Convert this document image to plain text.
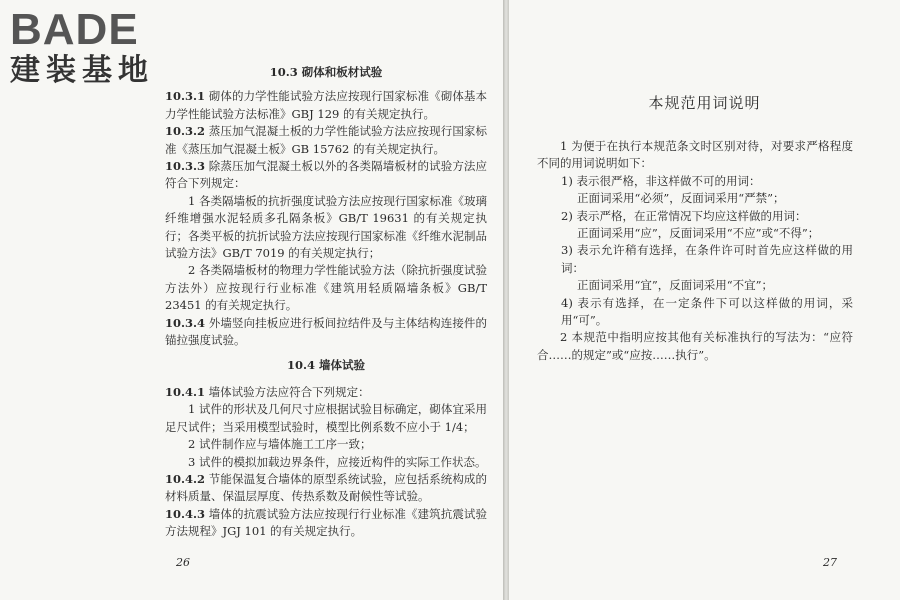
BADE
建装基地	10.3 砌体和板材试验

10.3.1 砌体的力学性能试验方法应按现行国家标准《砌体基本力学性能试验方法标准》GBJ 129 的有关规定执行。

10.3.2 蒸压加气混凝土板的力学性能试验方法应按现行国家标准《蒸压加气混凝土板》GB 15762 的有关规定执行。

10.3.3 除蒸压加气混凝土板以外的各类隔墙板材的试验方法应符合下列规定：

1 各类隔墙板的抗折强度试验方法应按现行国家标准《玻璃纤维增强水泥轻质多孔隔条板》GB/T 19631 的有关规定执行；各类平板的抗折试验方法应按现行国家标准《纤维水泥制品试验方法》GB/T 7019 的有关规定执行；

2 各类隔墙板材的物理力学性能试验方法（除抗折强度试验方法外）应按现行行业标准《建筑用轻质隔墙条板》GB/T 23451 的有关规定执行。

10.3.4 外墙竖向挂板应进行板间拉结件及与主体结构连接件的锚拉强度试验。

10.4 墙体试验

10.4.1 墙体试验方法应符合下列规定：

1 试件的形状及几何尺寸应根据试验目标确定，砌体宜采用足尺试件；当采用模型试验时，模型比例系数不应小于 1/4；

2 试件制作应与墙体施工工序一致；

3 试件的模拟加载边界条件，应接近构件的实际工作状态。

10.4.2 节能保温复合墙体的原型系统试验，应包括系统构成的材料质量、保温层厚度、传热系数及耐候性等试验。

10.4.3 墙体的抗震试验方法应按现行行业标准《建筑抗震试验方法规程》JGJ 101 的有关规定执行。

26
本规范用词说明

1 为便于在执行本规范条文时区别对待，对要求严格程度不同的用词说明如下：

1) 表示很严格，非这样做不可的用词：

正面词采用“必须”，反面词采用“严禁”；

2) 表示严格，在正常情况下均应这样做的用词：

正面词采用“应”，反面词采用“不应”或“不得”；

3) 表示允许稍有选择，在条件许可时首先应这样做的用词：

正面词采用“宜”，反面词采用“不宜”；

4) 表示有选择，在一定条件下可以这样做的用词，采用“可”。

2 本规范中指明应按其他有关标准执行的写法为：“应符合……的规定”或“应按……执行”。

27
